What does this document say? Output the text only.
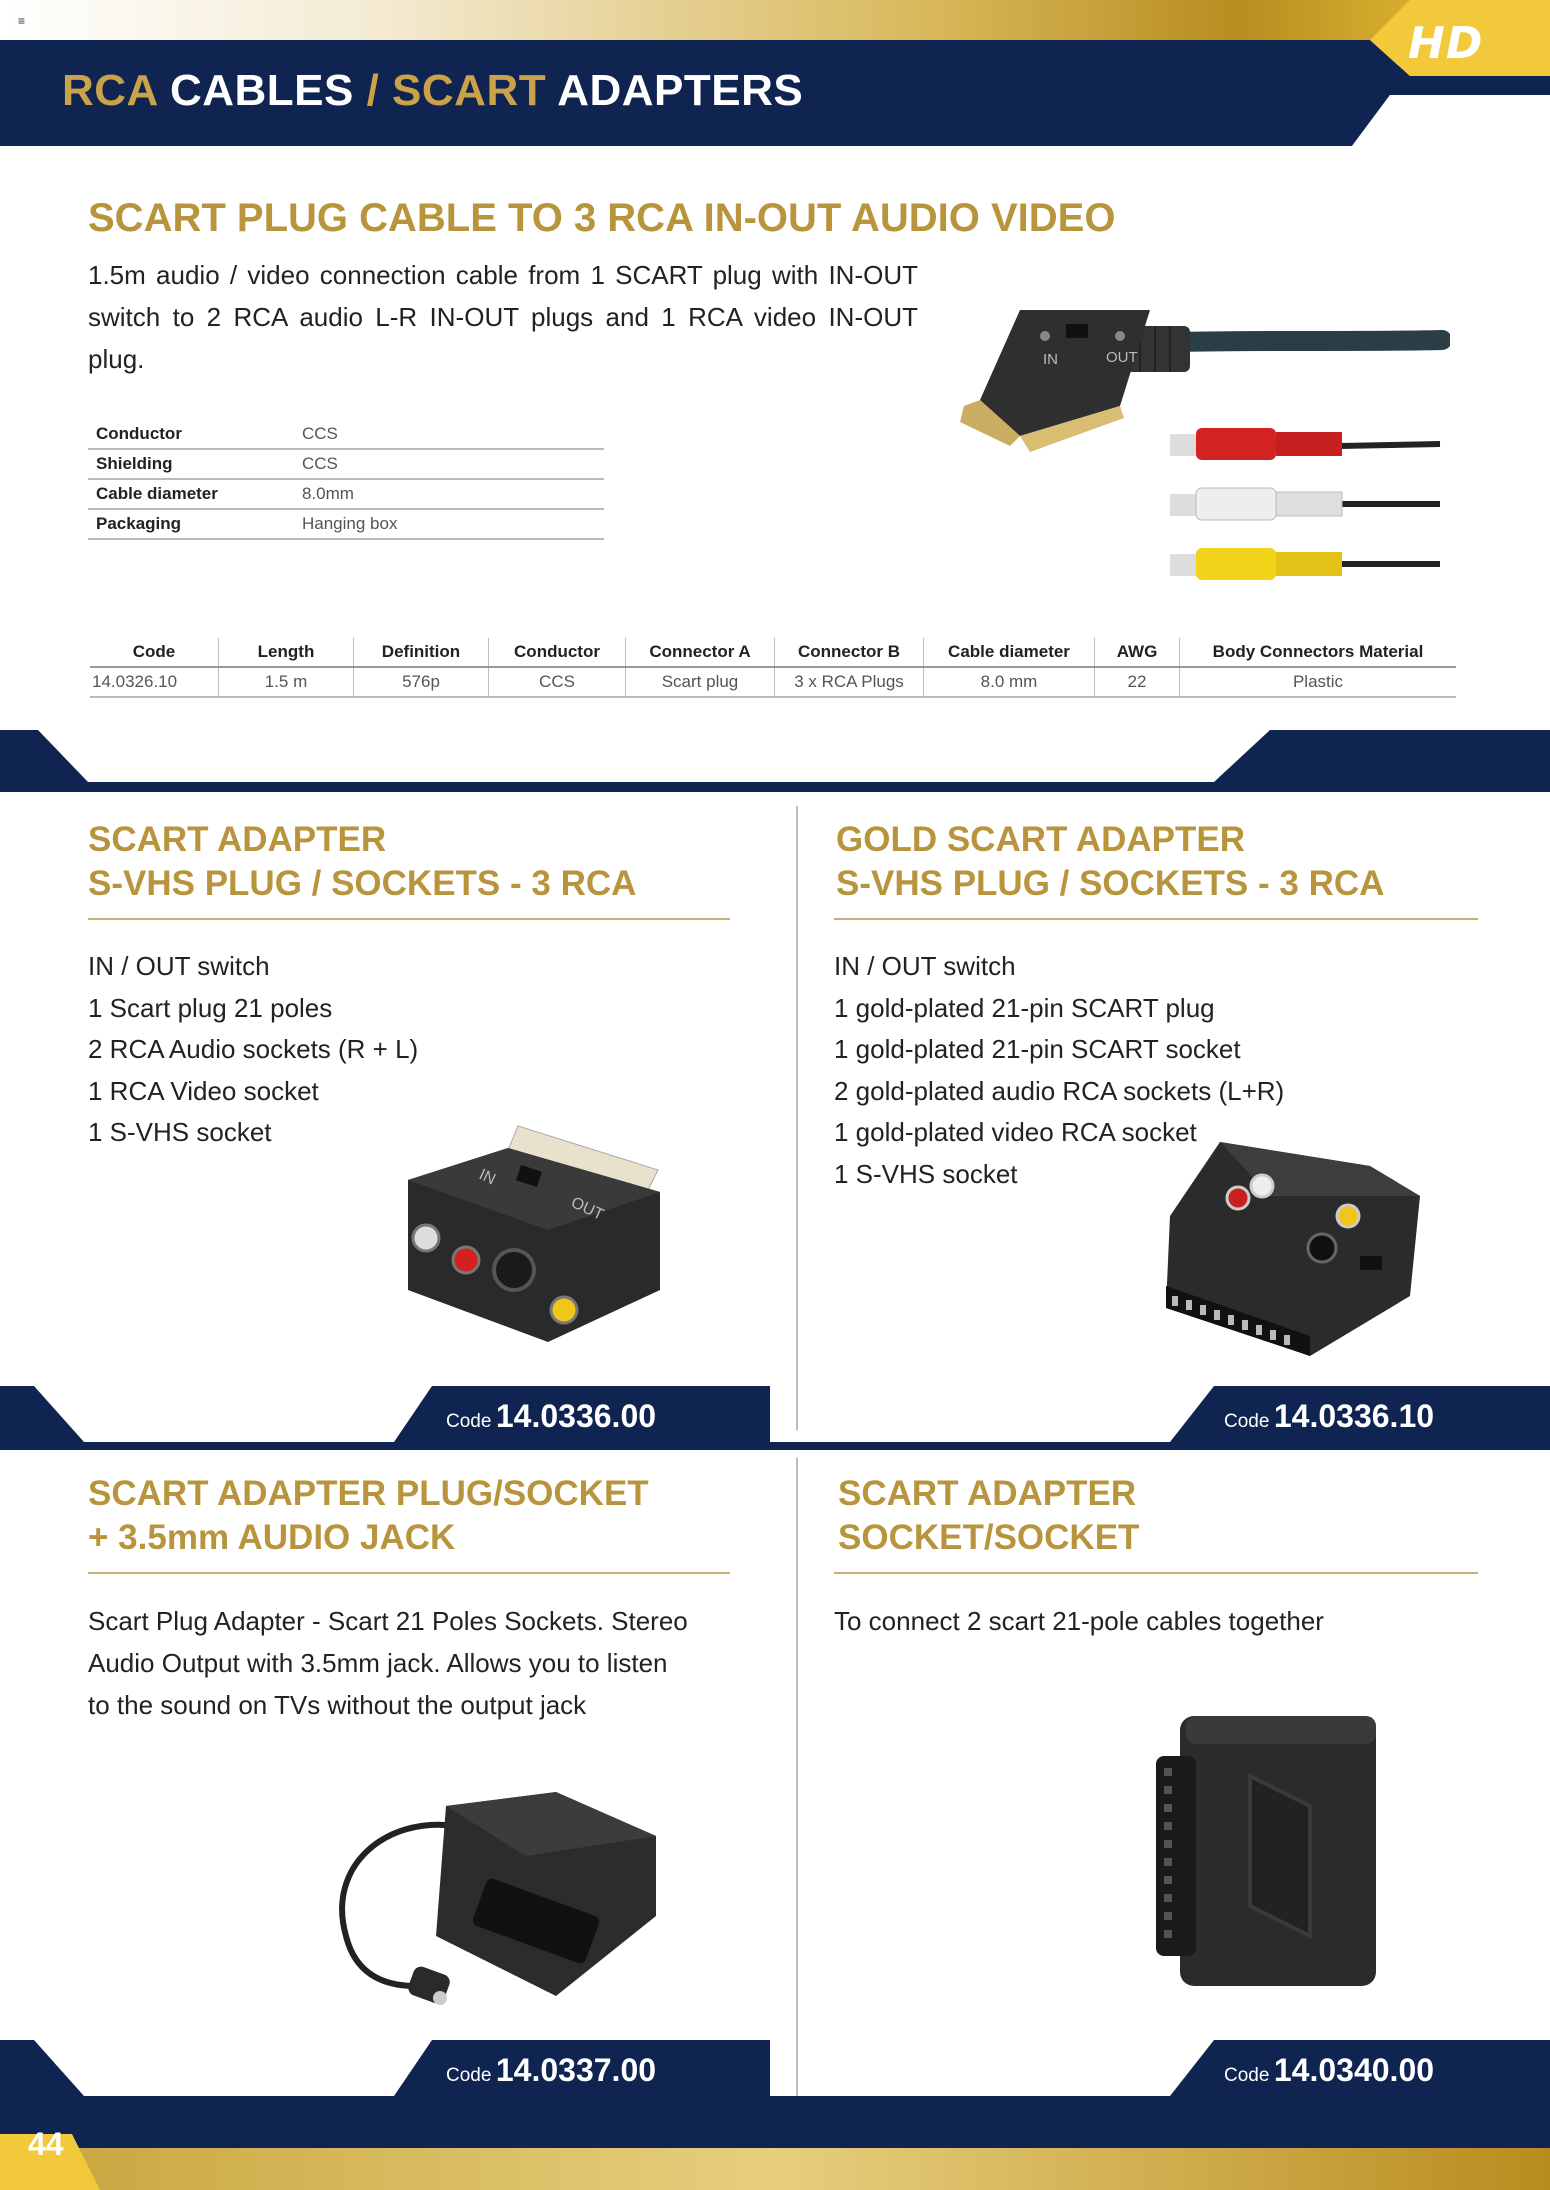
≡	HD
RCA CABLES / SCART ADAPTERS
SCART PLUG CABLE TO 3 RCA IN-OUT AUDIO VIDEO
1.5m audio / video connection cable from 1 SCART plug with IN-OUT switch to 2 RCA audio L-R IN-OUT plugs and 1 RCA video IN-OUT plug.	IN	OUT
Conductor	CCS
Shielding	CCS
Cable diameter	8.0mm
Packaging	Hanging box
Code	Length	Definition	Conductor	Connector A	Connector B	Cable diameter	AWG	Body Connectors Material
14.0326.10	1.5 m	576p	CCS	Scart plug	3 x RCA Plugs	8.0 mm	22	Plastic
SCART ADAPTER
S-VHS PLUG / SOCKETS - 3 RCA
IN / OUT switch
1 Scart plug 21 poles
2 RCA Audio sockets (R + L)
1 RCA Video socket
1 S-VHS socket
IN
OUT
GOLD SCART ADAPTER
S-VHS PLUG / SOCKETS - 3 RCA
IN / OUT switch
1 gold-plated 21-pin SCART plug
1 gold-plated 21-pin SCART socket
2 gold-plated audio RCA sockets (L+R)
1 gold-plated video RCA socket
1 S-VHS socket
Code 14.0336.00	Code 14.0336.10
SCART ADAPTER PLUG/SOCKET
+ 3.5mm AUDIO JACK
Scart Plug Adapter - Scart 21 Poles Sockets. Stereo Audio Output with 3.5mm jack. Allows you to listen to the sound on TVs without the output jack
SCART ADAPTER
SOCKET/SOCKET
To connect 2 scart 21-pole cables together
Code 14.0337.00	Code 14.0340.00
44
